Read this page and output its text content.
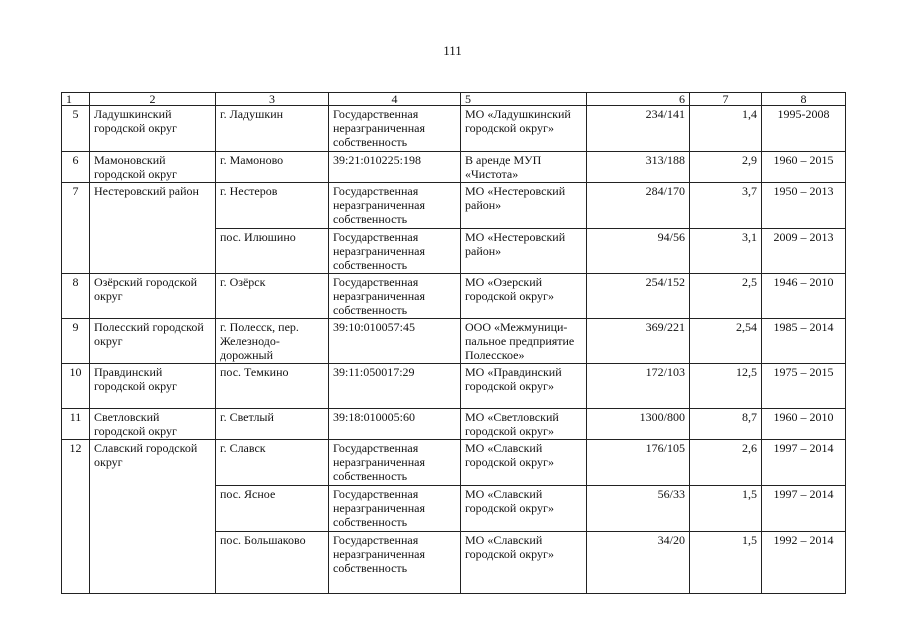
111
1	2	3	4	5	6	7	8
5	Ладушкинский городской округ	г. Ладушкин	Государственная неразграниченная собственность	МО «Ладушкинский городской округ»	234/141	1,4	1995-2008
6	Мамоновский городской округ	г. Мамоново	39:21:010225:198	В аренде МУП «Чистота»	313/188	2,9	1960 – 2015
7	Нестеровский район	г. Нестеров	Государственная неразграниченная собственность	МО «Нестеровский район»	284/170	3,7	1950 – 2013
		пос. Илюшино	Государственная неразграниченная собственность	МО «Нестеровский район»	94/56	3,1	2009 – 2013
8	Озёрский городской округ	г. Озёрск	Государственная неразграниченная собственность	МО «Озерский городской округ»	254/152	2,5	1946 – 2010
9	Полесский городской округ	г. Полесск, пер. Железнодо-дорожный	39:10:010057:45	ООО «Межмуници-пальное предприятие Полесское»	369/221	2,54	1985 – 2014
10	Правдинский городской округ	пос. Темкино	39:11:050017:29	МО «Правдинский городской округ»	172/103	12,5	1975 – 2015
11	Светловский городской округ	г. Светлый	39:18:010005:60	МО «Светловский городской округ»	1300/800	8,7	1960 – 2010
12	Славский городской округ	г. Славск	Государственная неразграниченная собственность	МО «Славский городской округ»	176/105	2,6	1997 – 2014
		пос. Ясное	Государственная неразграниченная собственность	МО «Славский городской округ»	56/33	1,5	1997 – 2014
		пос. Большаково	Государственная неразграниченная собственность	МО «Славский городской округ»	34/20	1,5	1992 – 2014
